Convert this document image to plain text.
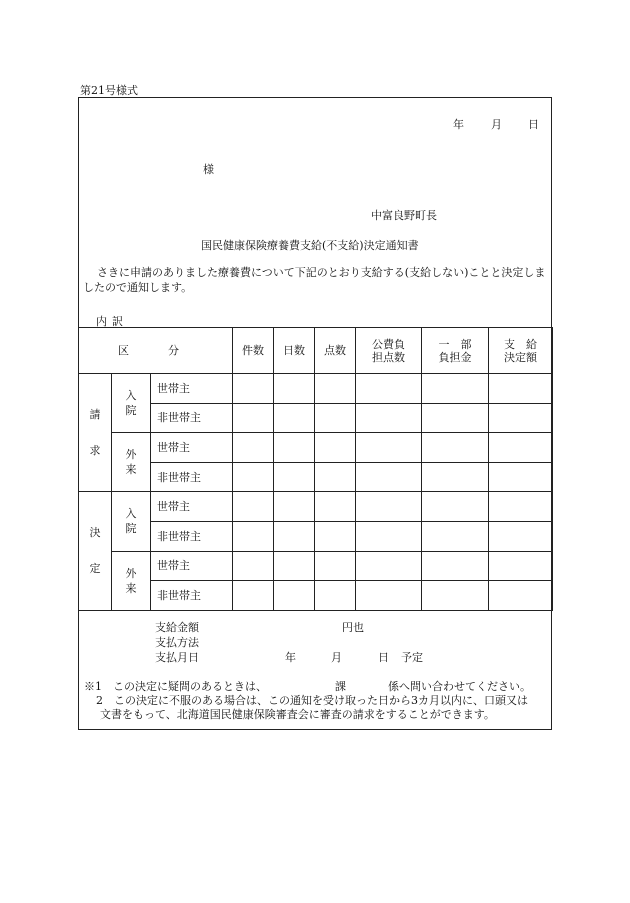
第21号様式
年 月 日
様
中富良野町長
国民健康保険療養費支給(不支給)決定通知書
さきに申請のありました療養費について下記のとおり支給する(支給しない)ことと決定しましたので通知します。
内訳
区　分			件数	日数	点数	公費負担点数	一　部負担金	支　給決定額
請求	入院	世帯主						
		非世帯主						
	外来	世帯主						
		非世帯主						
決定	入院	世帯主						
		非世帯主						
	外来	世帯主						
		非世帯主						
支給金額	円也
支払方法
支払月日	年	月	日 予定
※1　 この決定に疑問のあるときは、	課	係へ問い合わせてください。
2　 この決定に不服のある場合は、この通知を受け取った日から3カ月以内に、口頭又は
文書をもって、北海道国民健康保険審査会に審査の請求をすることができます。
